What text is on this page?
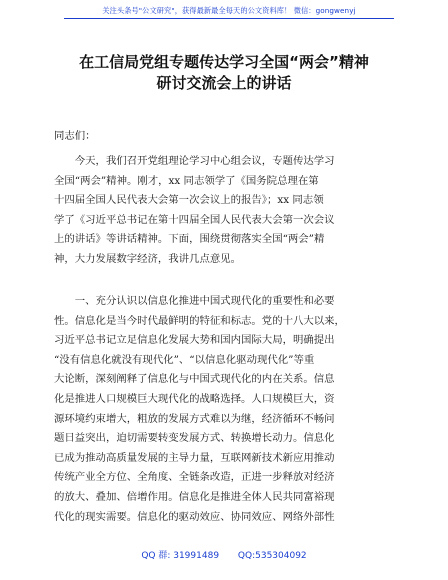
关注头条号"公文研究"，获得最新最全每天的公文资料库！ 微信：gongwenyj
在工信局党组专题传达学习全国“两会”精神
研讨交流会上的讲话
同志们：
　　今天，我们召开党组理论学习中心组会议，专题传达学习
全国“两会”精神。刚才，xx 同志领学了《国务院总理在第
十四届全国人民代表大会第一次会议上的报告》；xx 同志领
学了《习近平总书记在第十四届全国人民代表大会第一次会议
上的讲话》等讲话精神。下面，围绕贯彻落实全国“两会”精
神，大力发展数字经济，我讲几点意见。
　　一、充分认识以信息化推进中国式现代化的重要性和必要
性。信息化是当今时代最鲜明的特征和标志。党的十八大以来，
习近平总书记立足信息化发展大势和国内国际大局，明确提出
“没有信息化就没有现代化”、“以信息化驱动现代化”等重
大论断，深刻阐释了信息化与中国式现代化的内在关系。信息
化是推进人口规模巨大现代化的战略选择。人口规模巨大，资
源环境约束增大，粗放的发展方式难以为继，经济循环不畅问
题日益突出，迫切需要转变发展方式、转换增长动力。信息化
已成为推动高质量发展的主导力量，互联网新技术新应用推动
传统产业全方位、全角度、全链条改造，正进一步释放对经济
的放大、叠加、倍增作用。信息化是推进全体人民共同富裕现
代化的现实需要。信息化的驱动效应、协同效应、网络外部性
QQ 群: 31991489 QQ:535304092
